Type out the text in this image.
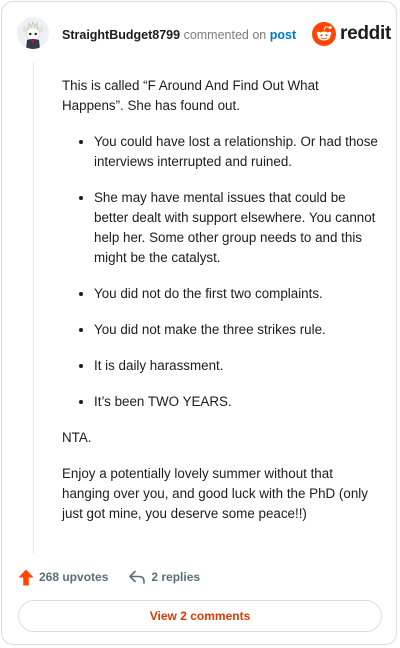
StraightBudget8799 commented on post reddit

This is called “F Around And Find Out What Happens”. She has found out.

• You could have lost a relationship. Or had those interviews interrupted and ruined.
• She may have mental issues that could be better dealt with support elsewhere. You cannot help her. Some other group needs to and this might be the catalyst.
• You did not do the first two complaints.
• You did not make the three strikes rule.
• It is daily harassment.
• It’s been TWO YEARS.

NTA.

Enjoy a potentially lovely summer without that hanging over you, and good luck with the PhD (only just got mine, you deserve some peace!!)

268 upvotes	2 replies
View 2 comments
